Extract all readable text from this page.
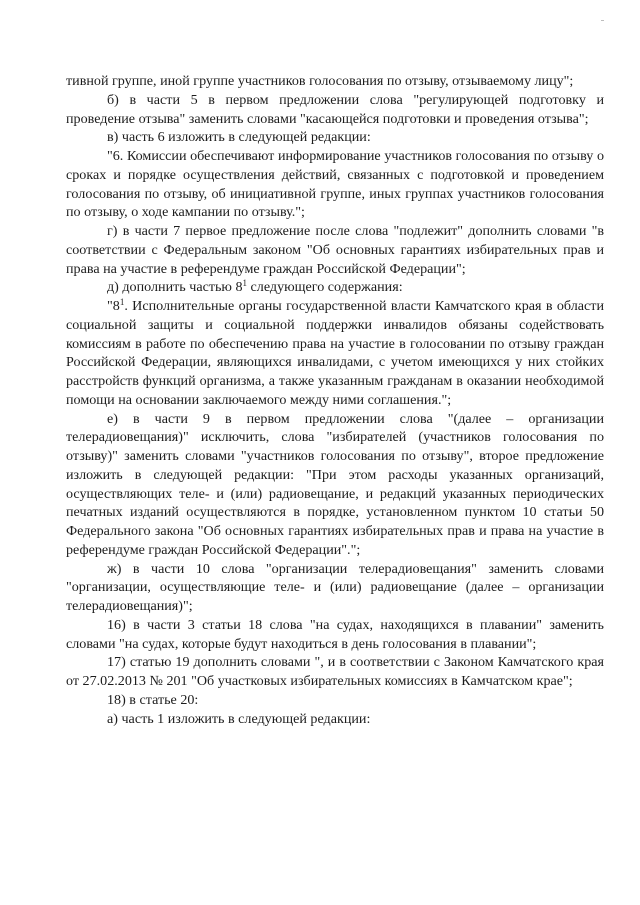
тивной группе, иной группе участников голосования по отзыву, отзываемому лицу";

б) в части 5 в первом предложении слова "регулирующей подготовку и проведение отзыва" заменить словами "касающейся подготовки и проведения отзыва";

в) часть 6 изложить в следующей редакции:

"6. Комиссии обеспечивают информирование участников голосования по отзыву о сроках и порядке осуществления действий, связанных с подготовкой и проведением голосования по отзыву, об инициативной группе, иных группах участников голосования по отзыву, о ходе кампании по отзыву.";

г) в части 7 первое предложение после слова "подлежит" дополнить словами "в соответствии с Федеральным законом "Об основных гарантиях избирательных прав и права на участие в референдуме граждан Российской Федерации";

д) дополнить частью $8^1$ следующего содержания:

"$8^1$. Исполнительные органы государственной власти Камчатского края в области социальной защиты и социальной поддержки инвалидов обязаны содействовать комиссиям в работе по обеспечению права на участие в голосовании по отзыву граждан Российской Федерации, являющихся инвалидами, с учетом имеющихся у них стойких расстройств функций организма, а также указанным гражданам в оказании необходимой помощи на основании заключаемого между ними соглашения.";

е) в части 9 в первом предложении слова "(далее – организации телерадиовещания)" исключить, слова "избирателей (участников голосования по отзыву)" заменить словами "участников голосования по отзыву", второе предложение изложить в следующей редакции: "При этом расходы указанных организаций, осуществляющих теле- и (или) радиовещание, и редакций указанных периодических печатных изданий осуществляются в порядке, установленном пунктом 10 статьи 50 Федерального закона "Об основных гарантиях избирательных прав и права на участие в референдуме граждан Российской Федерации".";

ж) в части 10 слова "организации телерадиовещания" заменить словами "организации, осуществляющие теле- и (или) радиовещание (далее – организации телерадиовещания)";

16) в части 3 статьи 18 слова "на судах, находящихся в плавании" заменить словами "на судах, которые будут находиться в день голосования в плавании";

17) статью 19 дополнить словами ", и в соответствии с Законом Камчатского края от 27.02.2013 № 201 "Об участковых избирательных комиссиях в Камчатском крае";

18) в статье 20:

а) часть 1 изложить в следующей редакции:
